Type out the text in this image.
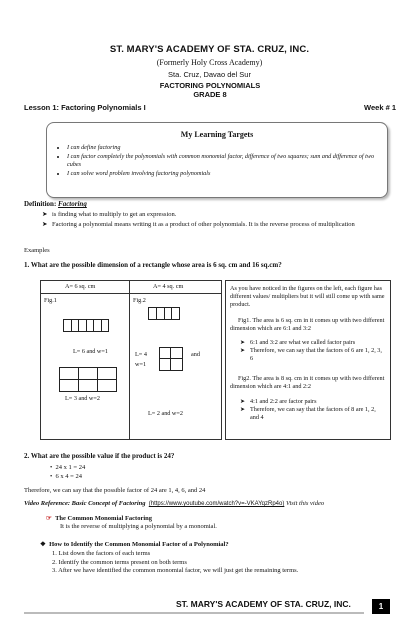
ST. MARY'S ACADEMY OF STA. CRUZ, INC.
(Formerly Holy Cross Academy)
Sta. Cruz, Davao del Sur
FACTORING POLYNOMIALS
GRADE 8
Lesson 1: Factoring Polynomials I	Week # 1
My Learning Targets
• I can define factoring
• I can factor completely the polynomials with common monomial factor, difference of two squares; sum and difference of two cubes
• I can solve word problem involving factoring polynomials
Definition: Factoring
➤ is finding what to multiply to get an expression.
➤ Factoring a polynomial means writing it as a product of other polynomials. It is the reverse process of multiplication
Examples
1. What are the possible dimension of a rectangle whose area is 6 sq. cm and 16 sq.cm?
A= 6 sq. cm	A= 4 sq. cm
Fig.1	Fig.2
L= 6 and w=1
L= 3 and w=2
L= 4
w=1
and
L= 2 and w=2
As you have noticed in the figures on the left, each figure has different values/ multipliers but it will still come up with same product.
Fig1. The area is 6 sq. cm in it comes up with two different dimension which are 6:1 and 3:2
➤ 6:1 and 3:2 are what we called factor pairs
➤ Therefore, we can say that the factors of 6 are 1, 2, 3, 6
Fig2. The area is 8 sq. cm in it comes up with two different dimension which are 4:1 and 2:2
➤ 4:1 and 2:2 are factor pairs
➤ Therefore, we can say that the factors of 8 are 1, 2, and 4
2. What are the possible value if the product is 24?
•  24 x 1 = 24
•  6 x 4 = 24
Therefore, we can say that the possible factor of 24 are 1, 4, 6, and 24
Video Reference: Basic Concept of Factoring (https://www.youtube.com/watch?v=-VKAYqzRp4o) Visit this video
☞ The Common Monomial Factoring
It is the reverse of multiplying a polynomial by a monomial.
❖ How to Identify the Common Monomial Factor of a Polynomial?
1. List down the factors of each terms
2. Identify the common terms present on both terms
3. After we have identified the common monomial factor, we will just get the remaining terms.
ST. MARY'S ACADEMY OF STA. CRUZ, INC.	1
